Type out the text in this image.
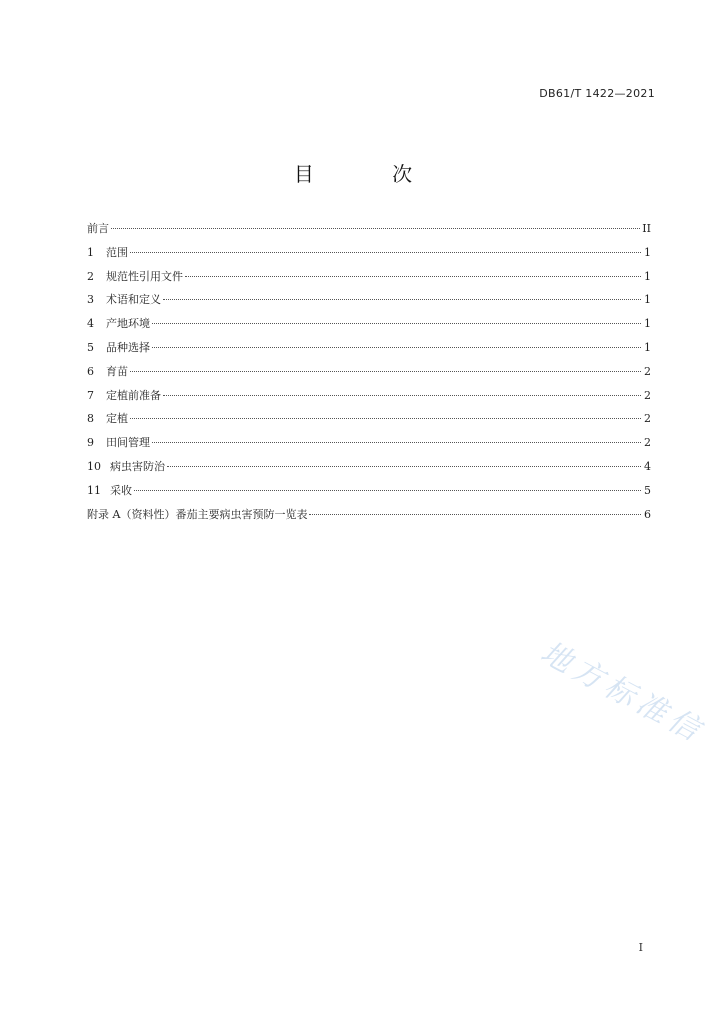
DB61/T 1422—2021
目 次
前言	II
1	范围	1
2	规范性引用文件	1
3	术语和定义	1
4	产地环境	1
5	品种选择	1
6	育苗	2
7	定植前准备	2
8	定植	2
9	田间管理	2
10 病虫害防治	4
11 采收	5
附录 A（资料性）番茄主要病虫害预防一览表	6
地方标准信
I
